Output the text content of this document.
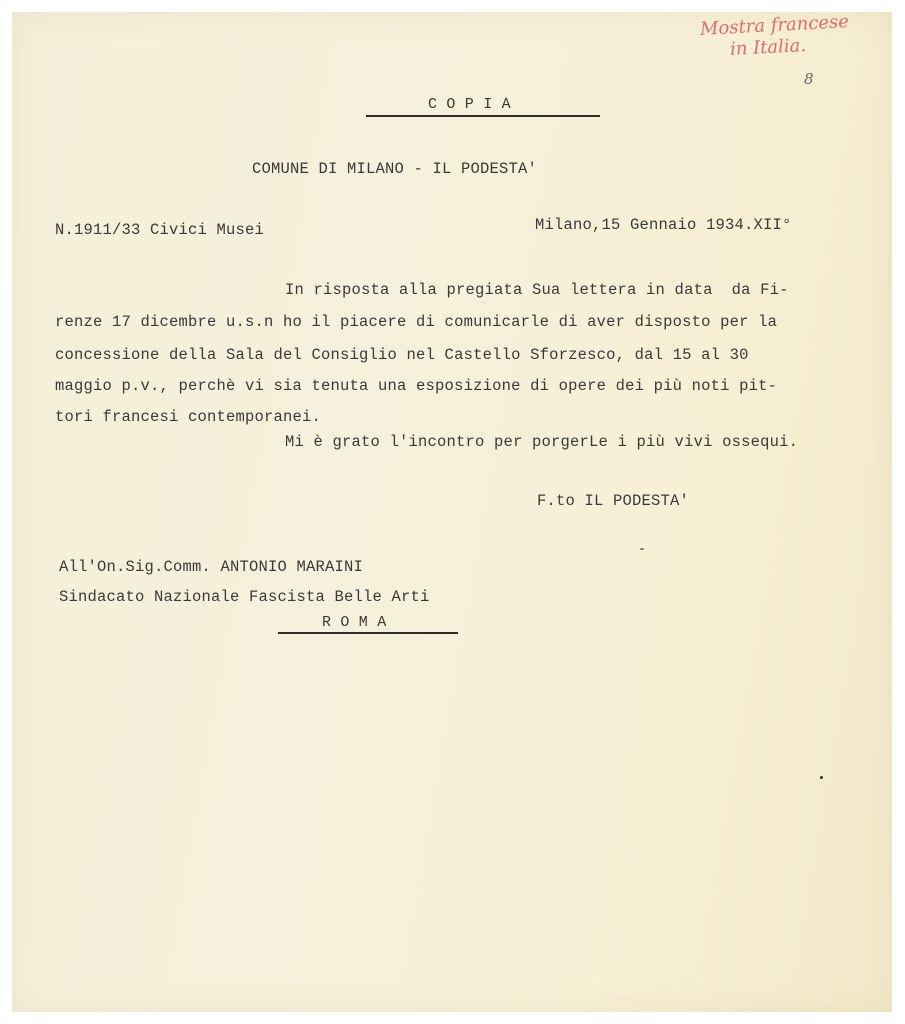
Mostra francese
in Italia.
8
C O P I A
COMUNE DI MILANO - IL PODESTA'
N.1911/33 Civici Musei	Milano,15 Gennaio 1934.XII°
In risposta alla pregiata Sua lettera in data  da Fi-
renze 17 dicembre u.s.n ho il piacere di comunicarle di aver disposto per la
concessione della Sala del Consiglio nel Castello Sforzesco, dal 15 al 30
maggio p.v., perchè vi sia tenuta una esposizione di opere dei più noti pit-
tori francesi contemporanei.
Mi è grato l'incontro per porgerLe i più vivi ossequi.
F.to IL PODESTA'
All'On.Sig.Comm. ANTONIO MARAINI
Sindacato Nazionale Fascista Belle Arti
R O M A
